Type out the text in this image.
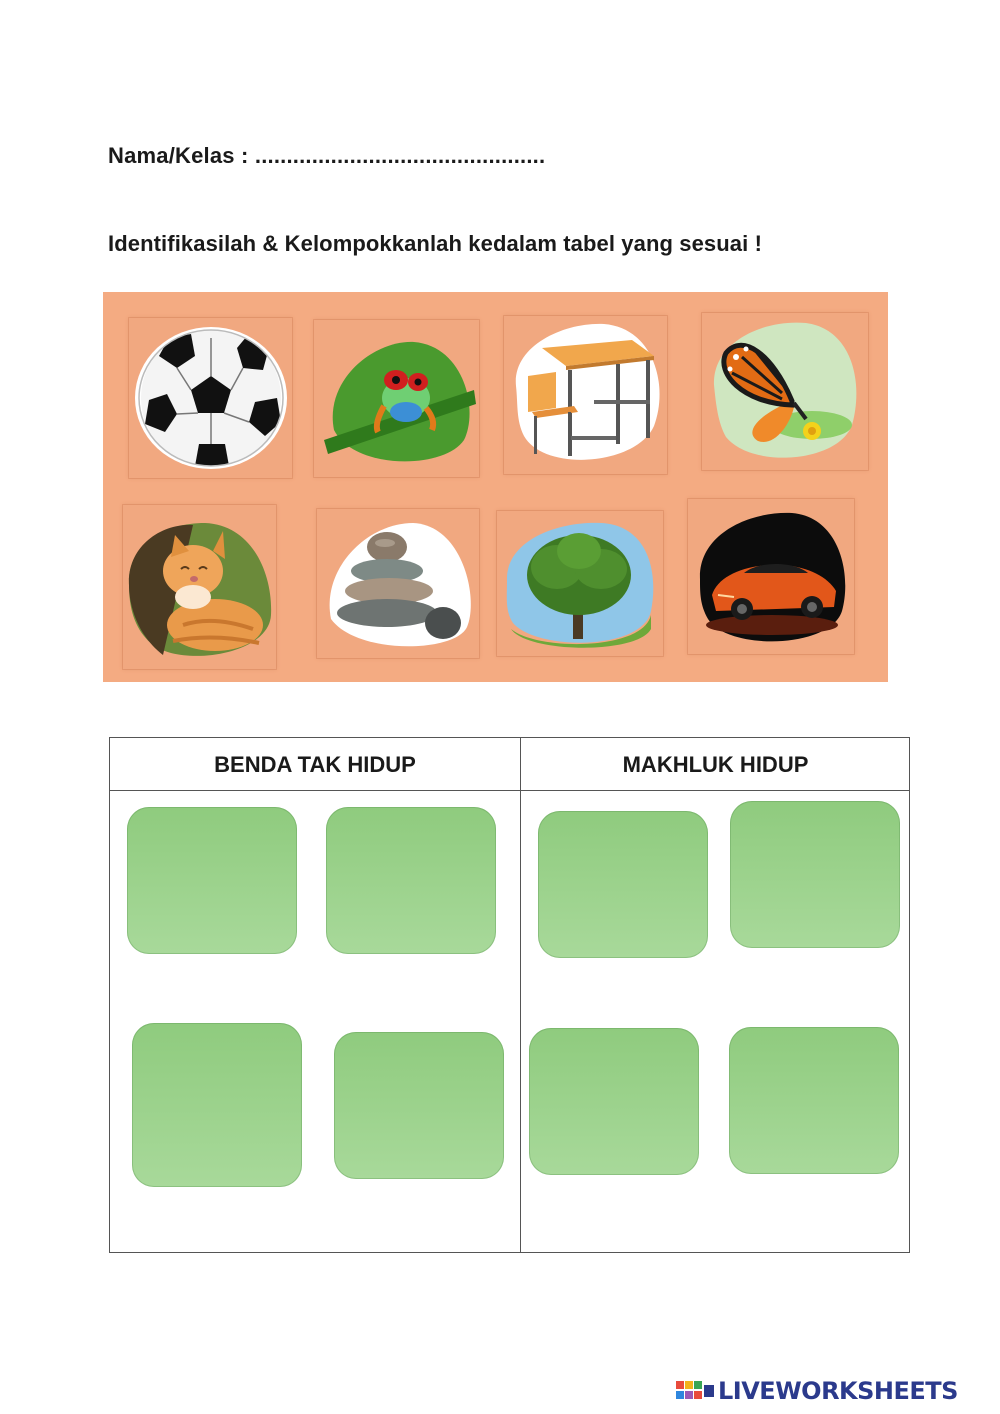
Nama/Kelas : ..............................................
Identifikasilah & Kelompokkanlah kedalam tabel yang sesuai !
BENDA TAK HIDUP	MAKHLUK HIDUP
LIVEWORKSHEETS
